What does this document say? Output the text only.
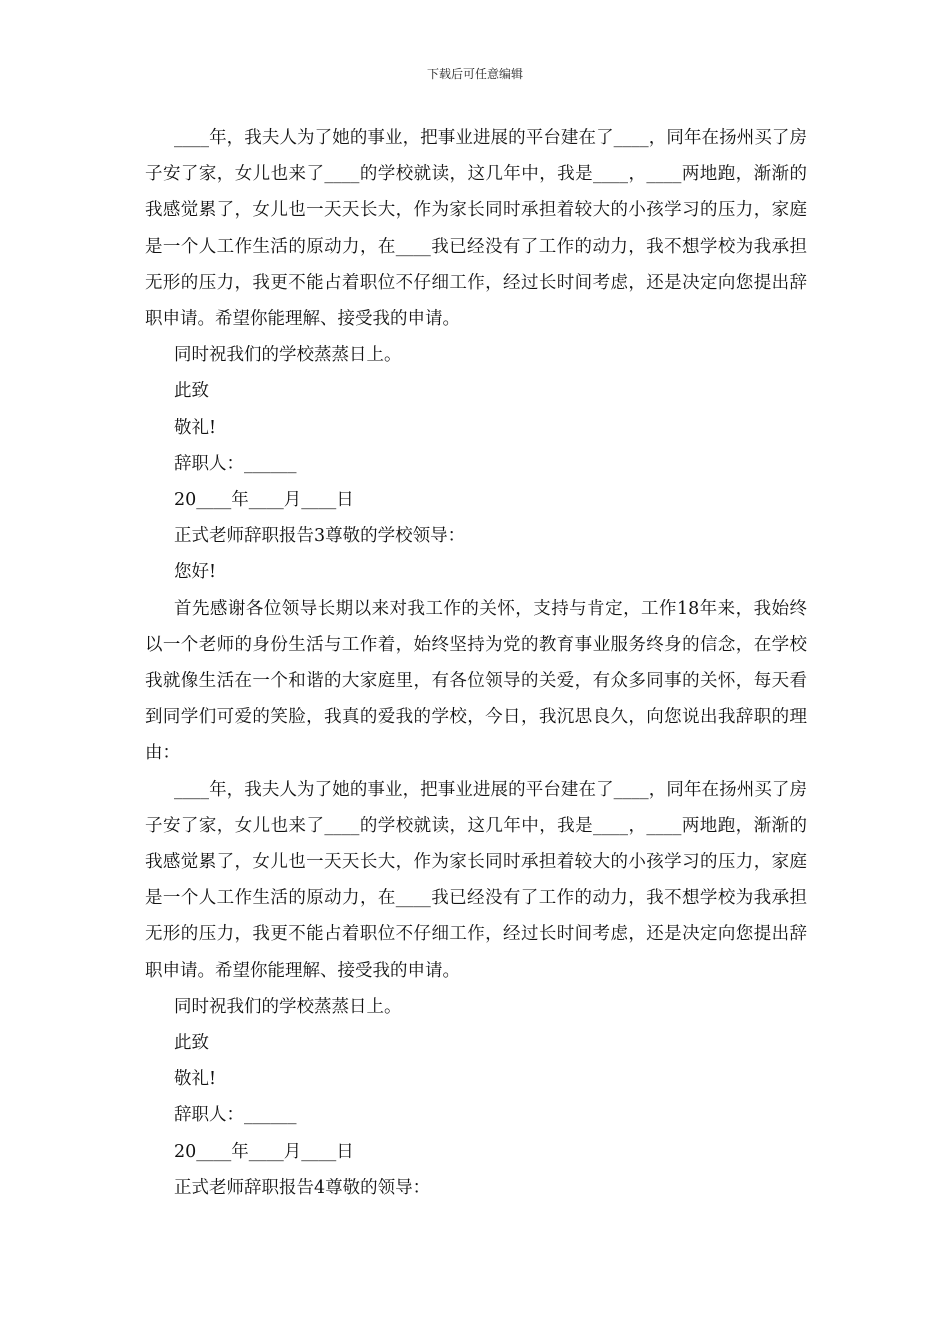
下载后可任意编辑

____年，我夫人为了她的事业，把事业进展的平台建在了____，同年在扬州买了房子安了家，女儿也来了____的学校就读，这几年中，我是____，____两地跑，渐渐的我感觉累了，女儿也一天天长大，作为家长同时承担着较大的小孩学习的压力，家庭是一个人工作生活的原动力，在____我已经没有了工作的动力，我不想学校为我承担无形的压力，我更不能占着职位不仔细工作，经过长时间考虑，还是决定向您提出辞职申请。希望你能理解、接受我的申请。

同时祝我们的学校蒸蒸日上。

此致

敬礼!

辞职人：______

20____年____月____日

正式老师辞职报告3尊敬的学校领导：

您好!

首先感谢各位领导长期以来对我工作的关怀，支持与肯定，工作18年来，我始终以一个老师的身份生活与工作着，始终坚持为党的教育事业服务终身的信念，在学校我就像生活在一个和谐的大家庭里，有各位领导的关爱，有众多同事的关怀，每天看到同学们可爱的笑脸，我真的爱我的学校，今日，我沉思良久，向您说出我辞职的理由：

____年，我夫人为了她的事业，把事业进展的平台建在了____，同年在扬州买了房子安了家，女儿也来了____的学校就读，这几年中，我是____，____两地跑，渐渐的我感觉累了，女儿也一天天长大，作为家长同时承担着较大的小孩学习的压力，家庭是一个人工作生活的原动力，在____我已经没有了工作的动力，我不想学校为我承担无形的压力，我更不能占着职位不仔细工作，经过长时间考虑，还是决定向您提出辞职申请。希望你能理解、接受我的申请。

同时祝我们的学校蒸蒸日上。

此致

敬礼!

辞职人：______

20____年____月____日

正式老师辞职报告4尊敬的领导：
